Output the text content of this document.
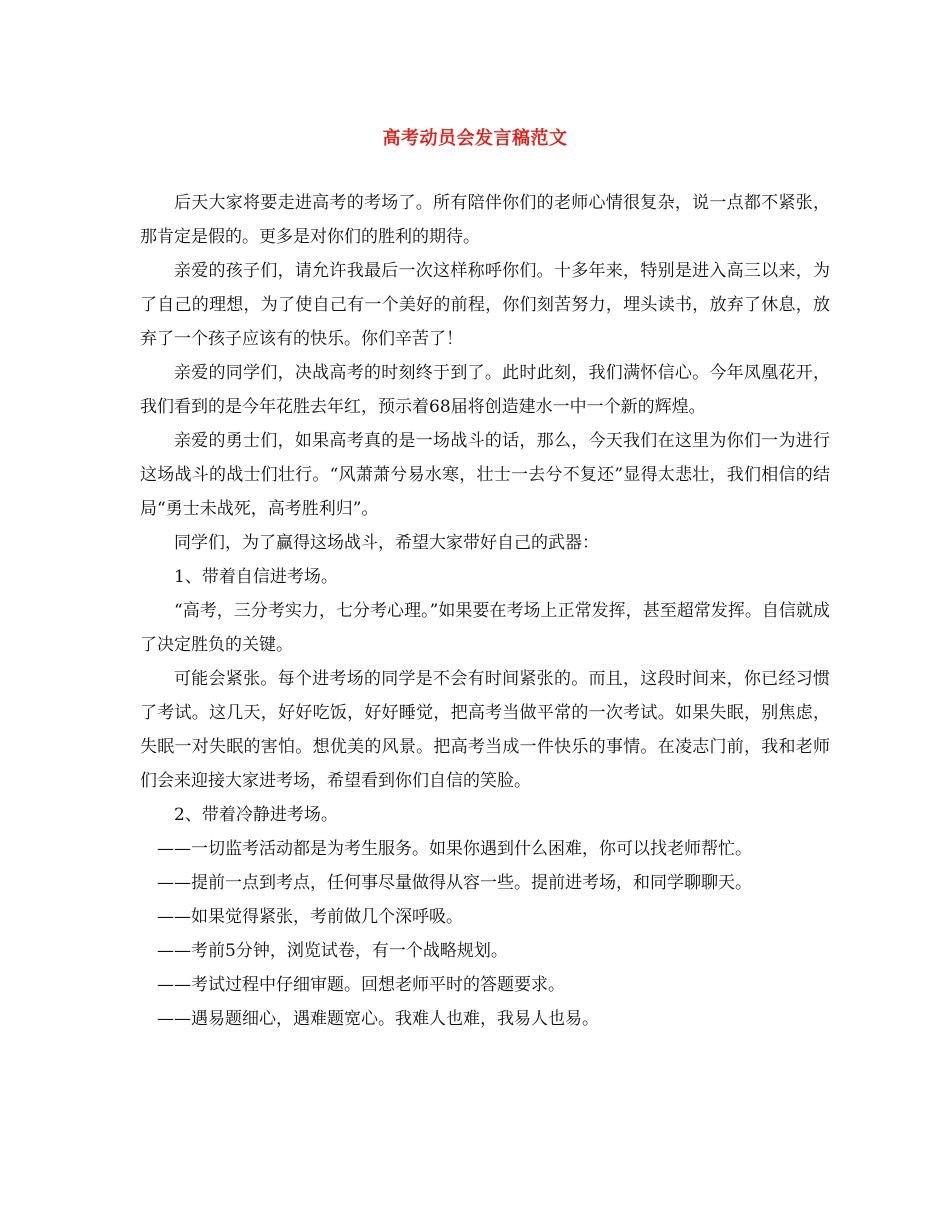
高考动员会发言稿范文

后天大家将要走进高考的考场了。所有陪伴你们的老师心情很复杂，说一点都不紧张，那肯定是假的。更多是对你们的胜利的期待。

亲爱的孩子们，请允许我最后一次这样称呼你们。十多年来，特别是进入高三以来，为了自己的理想，为了使自己有一个美好的前程，你们刻苦努力，埋头读书，放弃了休息，放弃了一个孩子应该有的快乐。你们辛苦了！

亲爱的同学们，决战高考的时刻终于到了。此时此刻，我们满怀信心。今年凤凰花开，我们看到的是今年花胜去年红，预示着68届将创造建水一中一个新的辉煌。

亲爱的勇士们，如果高考真的是一场战斗的话，那么，今天我们在这里为你们一为进行这场战斗的战士们壮行。“风萧萧兮易水寒，壮士一去兮不复还”显得太悲壮，我们相信的结局“勇士未战死，高考胜利归”。

同学们，为了赢得这场战斗，希望大家带好自己的武器：

1、带着自信进考场。

“高考，三分考实力，七分考心理。”如果要在考场上正常发挥，甚至超常发挥。自信就成了决定胜负的关键。

可能会紧张。每个进考场的同学是不会有时间紧张的。而且，这段时间来，你已经习惯了考试。这几天，好好吃饭，好好睡觉，把高考当做平常的一次考试。如果失眠，别焦虑，失眠一对失眠的害怕。想优美的风景。把高考当成一件快乐的事情。在凌志门前，我和老师们会来迎接大家进考场，希望看到你们自信的笑脸。

2、带着冷静进考场。

——一切监考活动都是为考生服务。如果你遇到什么困难，你可以找老师帮忙。

——提前一点到考点，任何事尽量做得从容一些。提前进考场，和同学聊聊天。

——如果觉得紧张，考前做几个深呼吸。

——考前5分钟，浏览试卷，有一个战略规划。

——考试过程中仔细审题。回想老师平时的答题要求。

——遇易题细心，遇难题宽心。我难人也难，我易人也易。
